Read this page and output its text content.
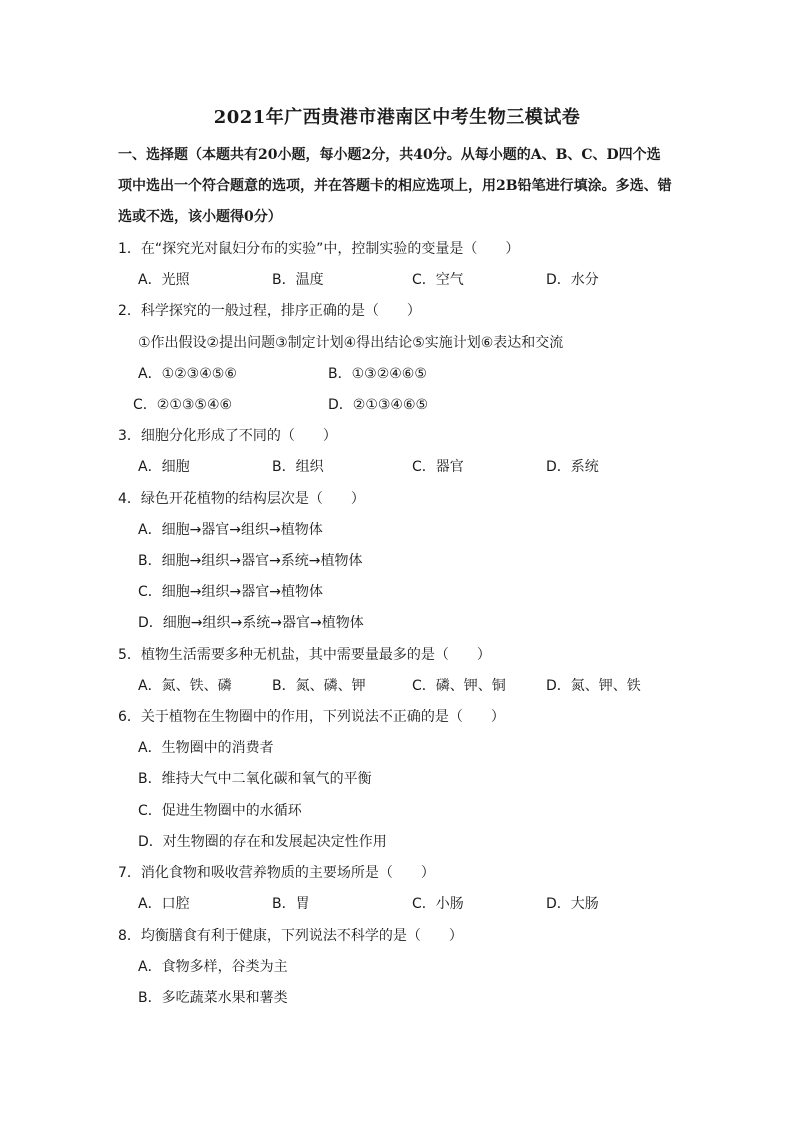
2021年广西贵港市港南区中考生物三模试卷
一、选择题（本题共有20小题，每小题2分，共40分。从每小题的A、B、C、D四个选
项中选出一个符合题意的选项，并在答题卡的相应选项上，用2B铅笔进行填涂。多选、错
选或不选，该小题得0分）
1．在“探究光对鼠妇分布的实验”中，控制实验的变量是（　　）
A．光照	B．温度	C．空气	D．水分
2．科学探究的一般过程，排序正确的是（　　）
①作出假设②提出问题③制定计划④得出结论⑤实施计划⑥表达和交流
A．①②③④⑤⑥	B．①③②④⑥⑤
C．②①③⑤④⑥	D．②①③④⑥⑤
3．细胞分化形成了不同的（　　）
A．细胞	B．组织	C．器官	D．系统
4．绿色开花植物的结构层次是（　　）
A．细胞→器官→组织→植物体
B．细胞→组织→器官→系统→植物体
C．细胞→组织→器官→植物体
D．细胞→组织→系统→器官→植物体
5．植物生活需要多种无机盐，其中需要量最多的是（　　）
A．氮、铁、磷	B．氮、磷、钾	C．磷、钾、铜	D．氮、钾、铁
6．关于植物在生物圈中的作用，下列说法不正确的是（　　）
A．生物圈中的消费者
B．维持大气中二氧化碳和氧气的平衡
C．促进生物圈中的水循环
D．对生物圈的存在和发展起决定性作用
7．消化食物和吸收营养物质的主要场所是（　　）
A．口腔	B．胃	C．小肠	D．大肠
8．均衡膳食有利于健康，下列说法不科学的是（　　）
A．食物多样，谷类为主
B．多吃蔬菜水果和薯类
